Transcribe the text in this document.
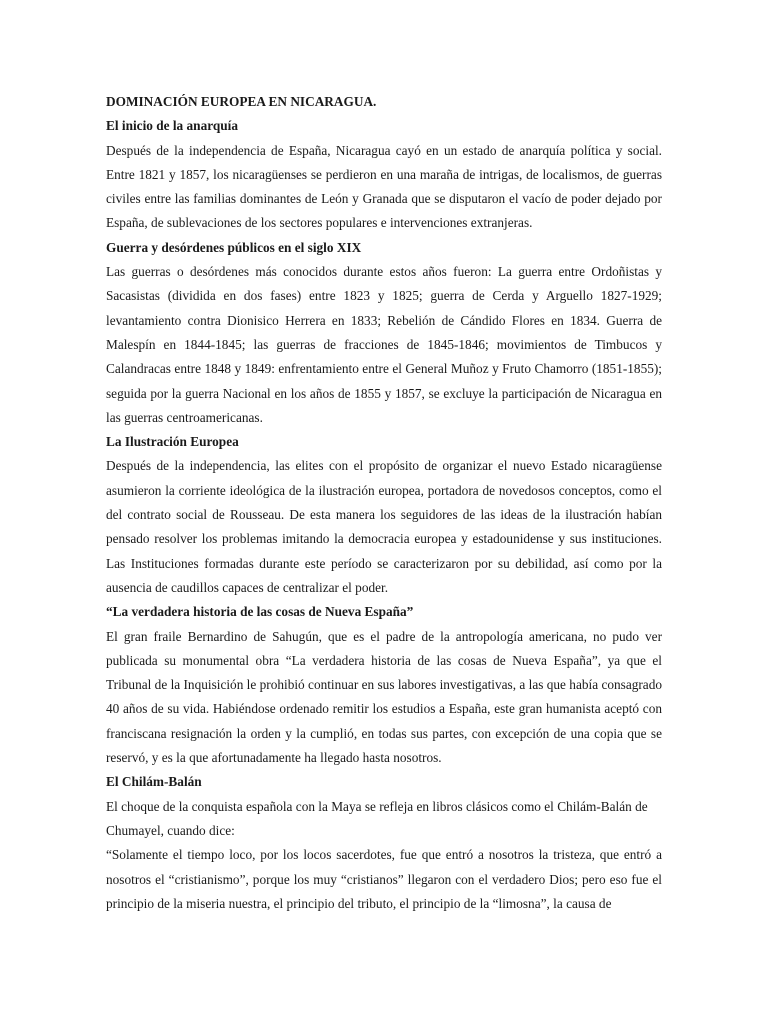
DOMINACIÓN EUROPEA EN NICARAGUA.

El inicio de la anarquía

Después de la independencia de España, Nicaragua cayó en un estado de anarquía política y social. Entre 1821 y 1857, los nicaragüenses se perdieron en una maraña de intrigas, de localismos, de guerras civiles entre las familias dominantes de León y Granada que se disputaron el vacío de poder dejado por España, de sublevaciones de los sectores populares e intervenciones extranjeras.

Guerra y desórdenes públicos en el siglo XIX

Las guerras o desórdenes más conocidos durante estos años fueron: La guerra entre Ordoñistas y Sacasistas (dividida en dos fases) entre 1823 y 1825; guerra de Cerda y Arguello 1827-1929; levantamiento contra Dionisico Herrera en 1833; Rebelión de Cándido Flores en 1834. Guerra de Malespín en 1844-1845; las guerras de fracciones de 1845-1846; movimientos de Timbucos y Calandracas entre 1848 y 1849: enfrentamiento entre el General Muñoz y Fruto Chamorro (1851-1855); seguida por la guerra Nacional en los años de 1855 y 1857, se excluye la participación de Nicaragua en las guerras centroamericanas.

La Ilustración Europea

Después de la independencia, las elites con el propósito de organizar el nuevo Estado nicaragüense asumieron la corriente ideológica de la ilustración europea, portadora de novedosos conceptos, como el del contrato social de Rousseau. De esta manera los seguidores de las ideas de la ilustración habían pensado resolver los problemas imitando la democracia europea y estadounidense y sus instituciones. Las Instituciones formadas durante este período se caracterizaron por su debilidad, así como por la ausencia de caudillos capaces de centralizar el poder.

“La verdadera historia de las cosas de Nueva España”

El gran fraile Bernardino de Sahugún, que es el padre de la antropología americana, no pudo ver publicada su monumental obra “La verdadera historia de las cosas de Nueva España”, ya que el Tribunal de la Inquisición le prohibió continuar en sus labores investigativas, a las que había consagrado 40 años de su vida. Habiéndose ordenado remitir los estudios a España, este gran humanista aceptó con franciscana resignación la orden y la cumplió, en todas sus partes, con excepción de una copia que se reservó, y es la que afortunadamente ha llegado hasta nosotros.

El Chilám-Balán

El choque de la conquista española con la Maya se refleja en libros clásicos como el Chilám-Balán de Chumayel, cuando dice:

“Solamente el tiempo loco, por los locos sacerdotes, fue que entró a nosotros la tristeza, que entró a nosotros el “cristianismo”, porque los muy “cristianos” llegaron con el verdadero Dios; pero eso fue el principio de la miseria nuestra, el principio del tributo, el principio de la “limosna”, la causa de
